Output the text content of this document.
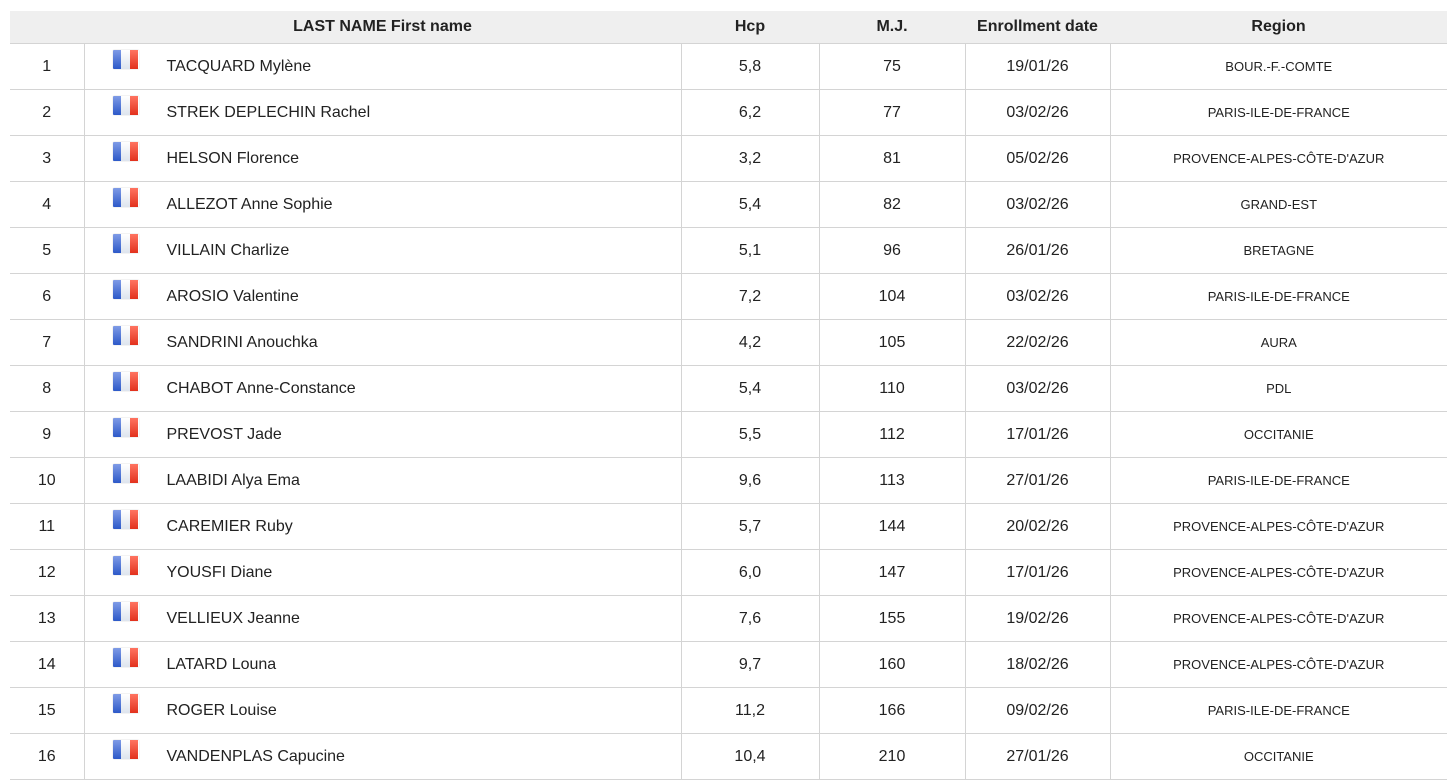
	LAST NAME First name	Hcp	M.J.	Enrollment date	Region
1	TACQUARD Mylène	5,8	75	19/01/26	BOUR.-F.-COMTE
2	STREK DEPLECHIN Rachel	6,2	77	03/02/26	PARIS-ILE-DE-FRANCE
3	HELSON Florence	3,2	81	05/02/26	PROVENCE-ALPES-CÔTE-D'AZUR
4	ALLEZOT Anne Sophie	5,4	82	03/02/26	GRAND-EST
5	VILLAIN Charlize	5,1	96	26/01/26	BRETAGNE
6	AROSIO Valentine	7,2	104	03/02/26	PARIS-ILE-DE-FRANCE
7	SANDRINI Anouchka	4,2	105	22/02/26	AURA
8	CHABOT Anne-Constance	5,4	110	03/02/26	PDL
9	PREVOST Jade	5,5	112	17/01/26	OCCITANIE
10	LAABIDI Alya Ema	9,6	113	27/01/26	PARIS-ILE-DE-FRANCE
11	CAREMIER Ruby	5,7	144	20/02/26	PROVENCE-ALPES-CÔTE-D'AZUR
12	YOUSFI Diane	6,0	147	17/01/26	PROVENCE-ALPES-CÔTE-D'AZUR
13	VELLIEUX Jeanne	7,6	155	19/02/26	PROVENCE-ALPES-CÔTE-D'AZUR
14	LATARD Louna	9,7	160	18/02/26	PROVENCE-ALPES-CÔTE-D'AZUR
15	ROGER Louise	11,2	166	09/02/26	PARIS-ILE-DE-FRANCE
16	VANDENPLAS Capucine	10,4	210	27/01/26	OCCITANIE
